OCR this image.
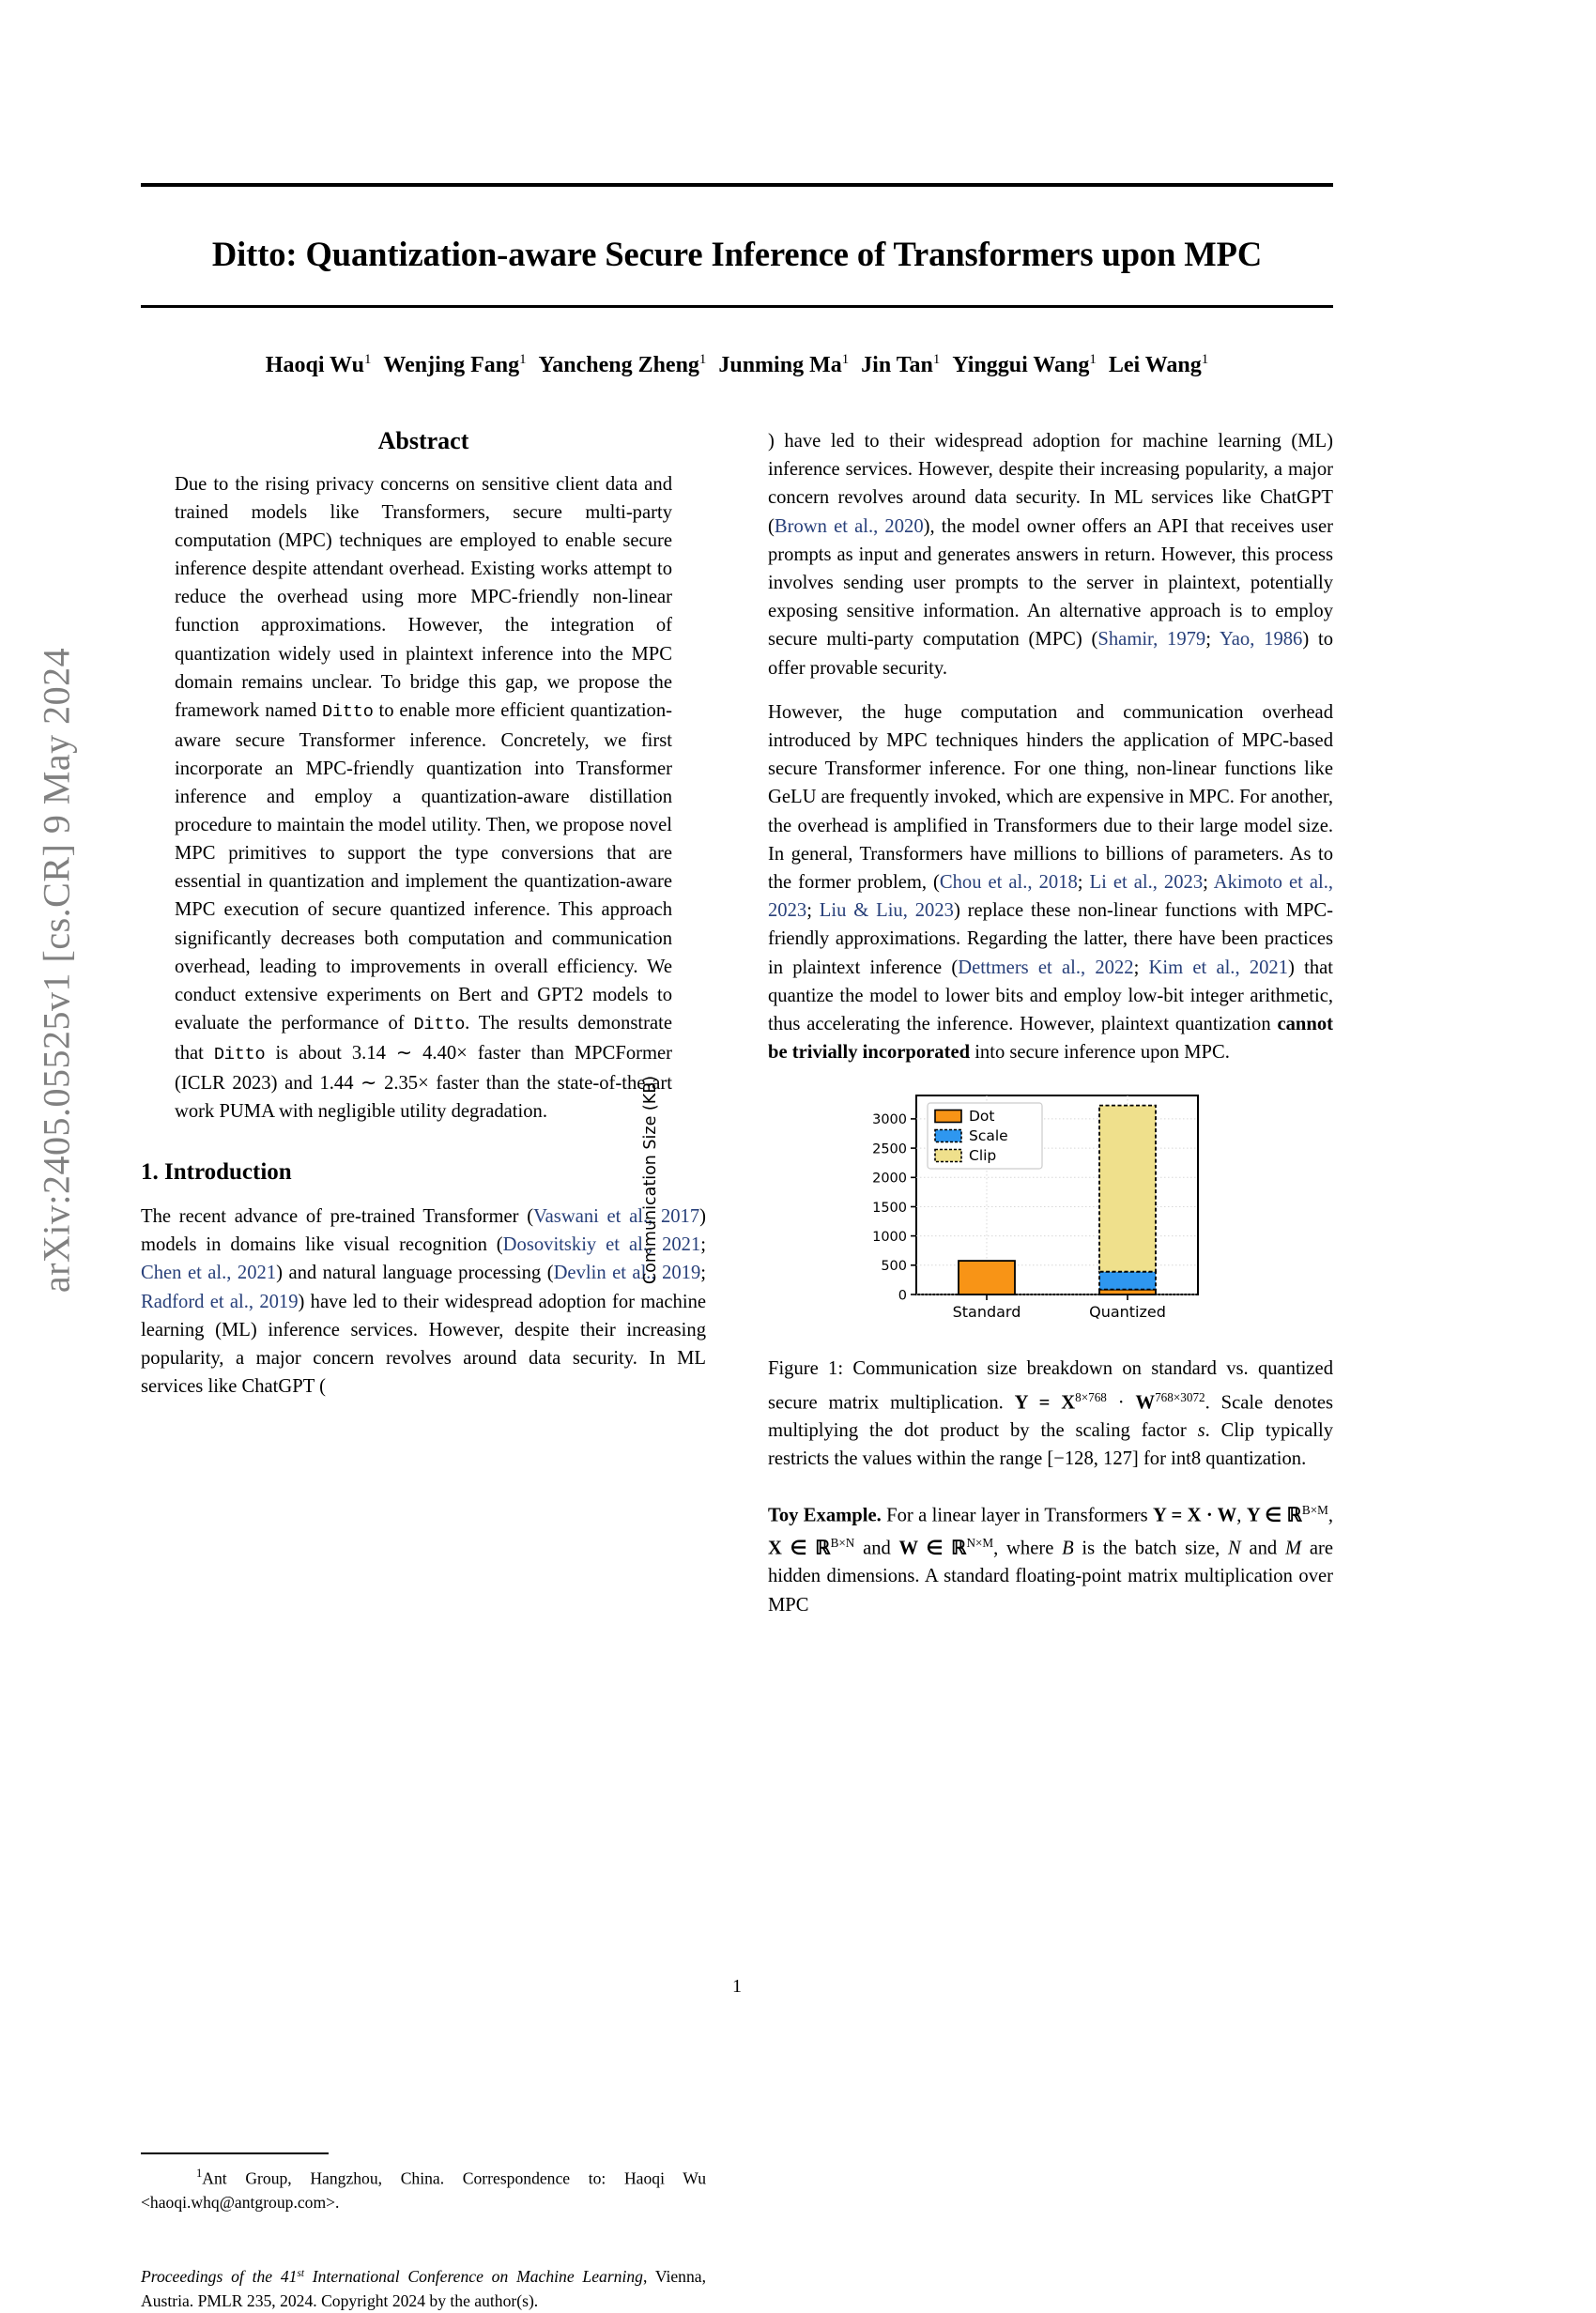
arXiv:2405.05525v1 [cs.CR] 9 May 2024
Ditto: Quantization-aware Secure Inference of Transformers upon MPC
Haoqi Wu$^1$ Wenjing Fang$^1$ Yancheng Zheng$^1$ Junming Ma$^1$ Jin Tan$^1$ Yinggui Wang$^1$ Lei Wang$^1$
Abstract
Due to the rising privacy concerns on sensitive client data and trained models like Transformers, secure multi-party computation (MPC) techniques are employed to enable secure inference despite attendant overhead. Existing works attempt to reduce the overhead using more MPC-friendly non-linear function approximations. However, the integration of quantization widely used in plaintext inference into the MPC domain remains unclear. To bridge this gap, we propose the framework named Ditto to enable more efficient quantization-aware secure Transformer inference. Concretely, we first incorporate an MPC-friendly quantization into Transformer inference and employ a quantization-aware distillation procedure to maintain the model utility. Then, we propose novel MPC primitives to support the type conversions that are essential in quantization and implement the quantization-aware MPC execution of secure quantized inference. This approach significantly decreases both computation and communication overhead, leading to improvements in overall efficiency. We conduct extensive experiments on Bert and GPT2 models to evaluate the performance of Ditto. The results demonstrate that Ditto is about 3.14 ∼ 4.40× faster than MPCFormer (ICLR 2023) and 1.44 ∼ 2.35× faster than the state-of-the-art work PUMA with negligible utility degradation.
1. Introduction

The recent advance of pre-trained Transformer (Vaswani et al., 2017) models in domains like visual recognition (Dosovitskiy et al., 2021; Chen et al., 2021) and natural language processing (Devlin et al., 2019; Radford et al., 2019) have led to their widespread adoption for machine learning (ML) inference services. However, despite their increasing popularity, a major concern revolves around data security. In ML services like ChatGPT (

$^1$Ant Group, Hangzhou, China. Correspondence to: Haoqi Wu <haoqi.whq@antgroup.com>.
Proceedings of the 41st International Conference on Machine Learning, Vienna, Austria. PMLR 235, 2024. Copyright 2024 by the author(s).

) have led to their widespread adoption for machine learning (ML) inference services. However, despite their increasing popularity, a major concern revolves around data security. In ML services like ChatGPT (Brown et al., 2020), the model owner offers an API that receives user prompts as input and generates answers in return. However, this process involves sending user prompts to the server in plaintext, potentially exposing sensitive information. An alternative approach is to employ secure multi-party computation (MPC) (Shamir, 1979; Yao, 1986) to offer provable security.

However, the huge computation and communication overhead introduced by MPC techniques hinders the application of MPC-based secure Transformer inference. For one thing, non-linear functions like GeLU are frequently invoked, which are expensive in MPC. For another, the overhead is amplified in Transformers due to their large model size. In general, Transformers have millions to billions of parameters. As to the former problem, (Chou et al., 2018; Li et al., 2023; Akimoto et al., 2023; Liu & Liu, 2023) replace these non-linear functions with MPC-friendly approximations. Regarding the latter, there have been practices in plaintext inference (Dettmers et al., 2022; Kim et al., 2021) that quantize the model to lower bits and employ low-bit integer arithmetic, thus accelerating the inference. However, plaintext quantization cannot be trivially incorporated into secure inference upon MPC.

0
500
1000
1500
2000
2500
3000
Communication Size (KB)
Standard	Quantized
Dot
Scale
Clip
Figure 1: Communication size breakdown on standard vs. quantized secure matrix multiplication. $Y = X^{8\times 768} \cdot W^{768\times 3072}$. Scale denotes multiplying the dot product by the scaling factor s. Clip typically restricts the values within the range [−128, 127] for int8 quantization.

Toy Example. For a linear layer in Transformers Y = X · W, Y ∈ ℝ$^{B\times M}$, X ∈ ℝ$^{B\times N}$ and W ∈ ℝ$^{N\times M}$, where B is the batch size, N and M are hidden dimensions. A standard floating-point matrix multiplication over MPC

1
